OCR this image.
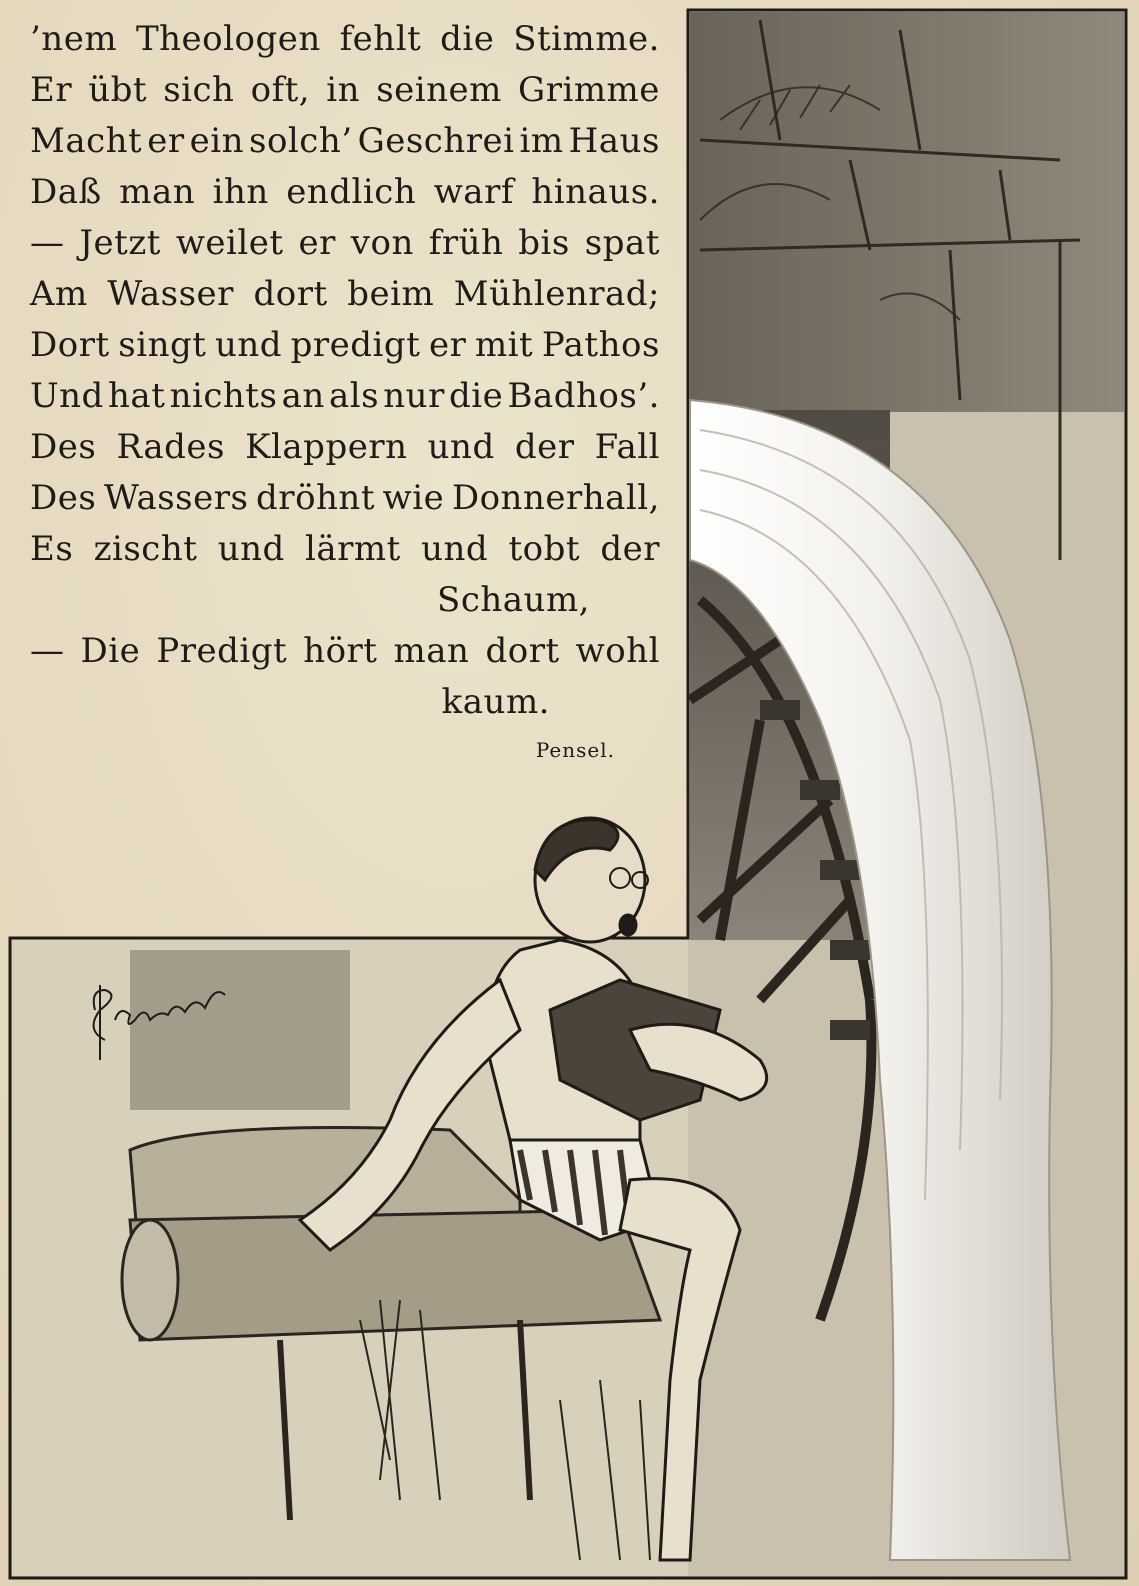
’nem Theologen fehlt die Stimme.
Er übt sich oft, in seinem Grimme
Macht er ein solch’ Geschrei im Haus
Daß man ihn endlich warf hinaus.
— Jetzt weilet er von früh bis spat
Am Wasser dort beim Mühlenrad;
Dort singt und predigt er mit Pathos
Und hat nichts an als nur die Badhos’.
Des Rades Klappern und der Fall
Des Wassers dröhnt wie Donnerhall,
Es zischt und lärmt und tobt der
Schaum,
— Die Predigt hört man dort wohl
kaum.
Pensel.
